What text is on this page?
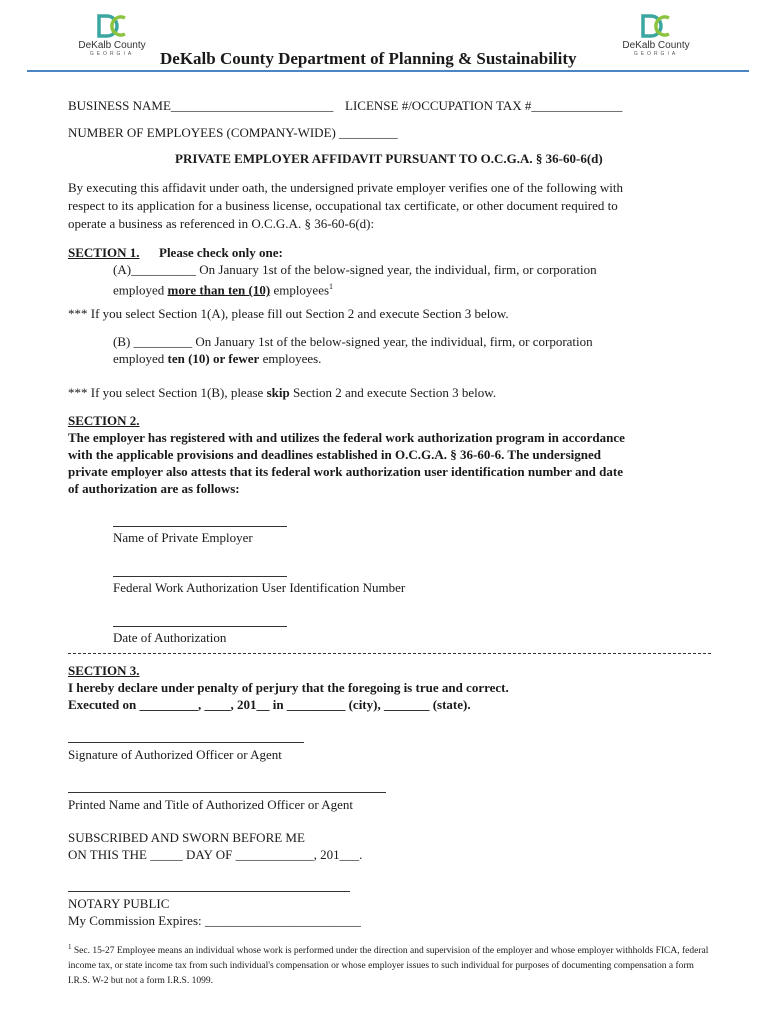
DeKalb County
GEORGIA
DeKalb County
GEORGIA
DeKalb County Department of Planning & Sustainability
BUSINESS NAME_________________________ LICENSE #/OCCUPATION TAX #______________
NUMBER OF EMPLOYEES (COMPANY-WIDE) _________
PRIVATE EMPLOYER AFFIDAVIT PURSUANT TO O.C.G.A. § 36-60-6(d)
By executing this affidavit under oath, the undersigned private employer verifies one of the following with
respect to its application for a business license, occupational tax certificate, or other document required to
operate a business as referenced in O.C.G.A. § 36-60-6(d):
SECTION 1. Please check only one:
(A)__________ On January 1st of the below-signed year, the individual, firm, or corporation
employed more than ten (10) employees$^1$
*** If you select Section 1(A), please fill out Section 2 and execute Section 3 below.
(B) _________ On January 1st of the below-signed year, the individual, firm, or corporation
employed ten (10) or fewer employees.
*** If you select Section 1(B), please skip Section 2 and execute Section 3 below.
SECTION 2.
The employer has registered with and utilizes the federal work authorization program in accordance
with the applicable provisions and deadlines established in O.C.G.A. § 36-60-6. The undersigned
private employer also attests that its federal work authorization user identification number and date
of authorization are as follows:
Name of Private Employer
Federal Work Authorization User Identification Number
Date of Authorization
SECTION 3.
I hereby declare under penalty of perjury that the foregoing is true and correct.
Executed on _________, ____, 201__ in _________ (city), _______ (state).
Signature of Authorized Officer or Agent
Printed Name and Title of Authorized Officer or Agent
SUBSCRIBED AND SWORN BEFORE ME
ON THIS THE _____ DAY OF ____________, 201___.
NOTARY PUBLIC
My Commission Expires: ________________________
$^1$ Sec. 15-27 Employee means an individual whose work is performed under the direction and supervision of the employer and whose employer withholds FICA, federal income tax, or state income tax from such individual's compensation or whose employer issues to such individual for purposes of documenting compensation a form I.R.S. W-2 but not a form I.R.S. 1099.
